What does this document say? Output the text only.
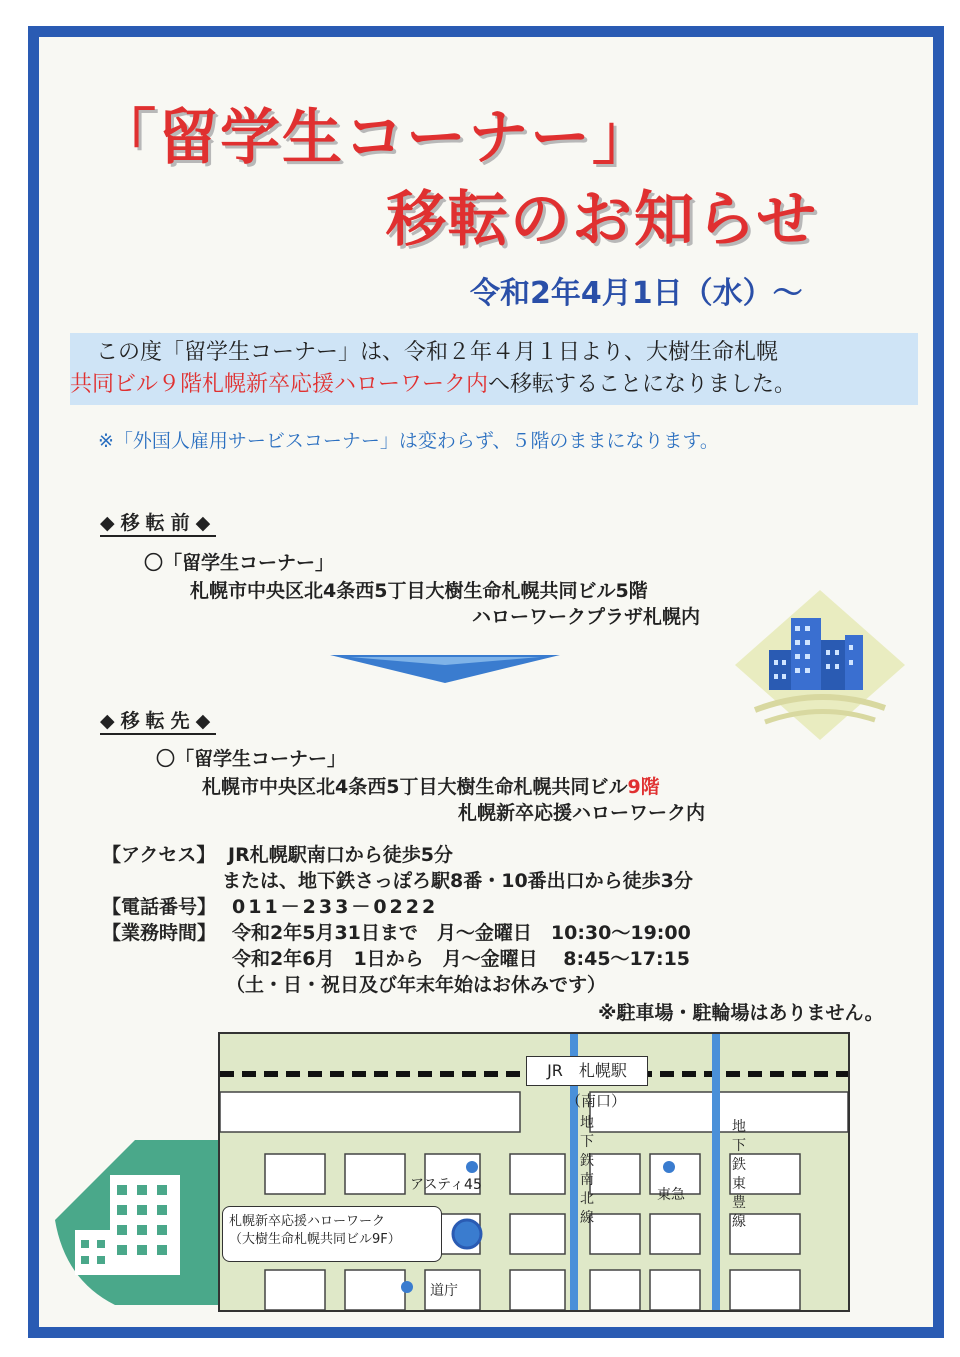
「留学生コーナー」
移転のお知らせ
令和2年4月1日（水）～
この度「留学生コーナー」は、令和２年４月１日より、大樹生命札幌
共同ビル９階札幌新卒応援ハローワーク内へ移転することになりました。
※「外国人雇用サービスコーナー」は変わらず、５階のままになります。
◆移転前◆
〇「留学生コーナー」
札幌市中央区北4条西5丁目大樹生命札幌共同ビル5階
ハローワークプラザ札幌内
◆移転先◆
〇「留学生コーナー」
札幌市中央区北4条西5丁目大樹生命札幌共同ビル9階
札幌新卒応援ハローワーク内
【アクセス】 JR札幌駅南口から徒歩5分
または、地下鉄さっぽろ駅8番・10番出口から徒歩3分
【電話番号】 011－233－0222
【業務時間】 令和2年5月31日まで　月～金曜日　10:30～19:00
令和2年6月　1日から　月～金曜日　 8:45～17:15
（土・日・祝日及び年末年始はお休みです）
※駐車場・駐輪場はありません。
JR　札幌駅
（南口）
地下鉄南北線
地下鉄東豊線
アスティ45
東急
道庁
札幌新卒応援ハローワーク
（大樹生命札幌共同ビル9F）
